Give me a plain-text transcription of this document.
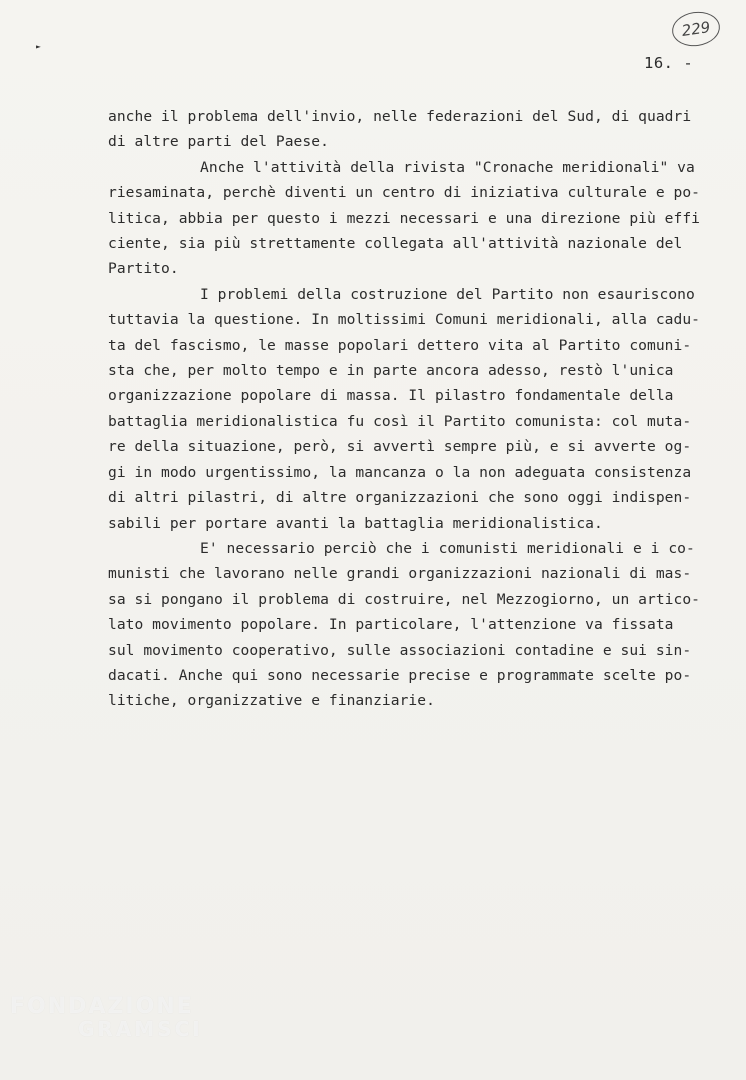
►
229
16. -
anche il problema dell'invio, nelle federazioni del Sud, di quadri
di altre parti del Paese.
Anche l'attività della rivista "Cronache meridionali" va
riesaminata, perchè diventi un centro di iniziativa culturale e po-
litica, abbia per questo i mezzi necessari e una direzione più effi
ciente, sia più strettamente collegata all'attività nazionale del
Partito.
I problemi della costruzione del Partito non esauriscono
tuttavia la questione. In moltissimi Comuni meridionali, alla cadu-
ta del fascismo, le masse popolari dettero vita al Partito comuni-
sta che, per molto tempo e in parte ancora adesso, restò l'unica
organizzazione popolare di massa. Il pilastro fondamentale della
battaglia meridionalistica fu così il Partito comunista: col muta-
re della situazione, però, si avvertì sempre più, e si avverte og-
gi in modo urgentissimo, la mancanza o la non adeguata consistenza
di altri pilastri, di altre organizzazioni che sono oggi indispen-
sabili per portare avanti la battaglia meridionalistica.
E' necessario perciò che i comunisti meridionali e i co-
munisti che lavorano nelle grandi organizzazioni nazionali di mas-
sa si pongano il problema di costruire, nel Mezzogiorno, un artico-
lato movimento popolare. In particolare, l'attenzione va fissata
sul movimento cooperativo, sulle associazioni contadine e sui sin-
dacati. Anche qui sono necessarie precise e programmate scelte po-
litiche, organizzative e finanziarie.
FONDAZIONE
GRAMSCI
